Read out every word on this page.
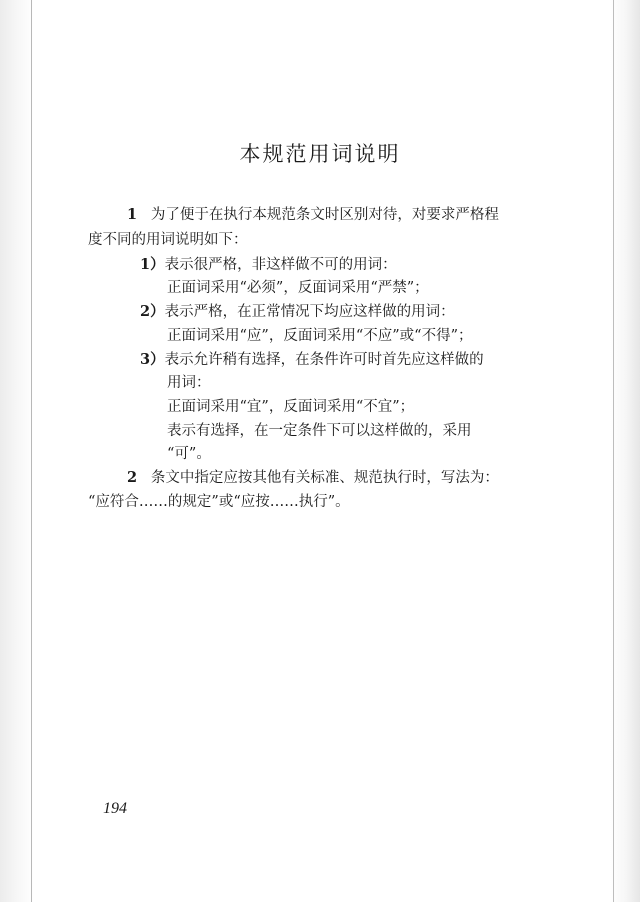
本规范用词说明
1 为了便于在执行本规范条文时区别对待，对要求严格程
度不同的用词说明如下：
1）表示很严格，非这样做不可的用词：
正面词采用“必须”，反面词采用“严禁”；
2）表示严格，在正常情况下均应这样做的用词：
正面词采用“应”，反面词采用“不应”或“不得”；
3）表示允许稍有选择，在条件许可时首先应这样做的
用词：
正面词采用“宜”，反面词采用“不宜”；
表示有选择，在一定条件下可以这样做的，采用
“可”。
2 条文中指定应按其他有关标准、规范执行时，写法为：
“应符合……的规定”或“应按……执行”。
194
